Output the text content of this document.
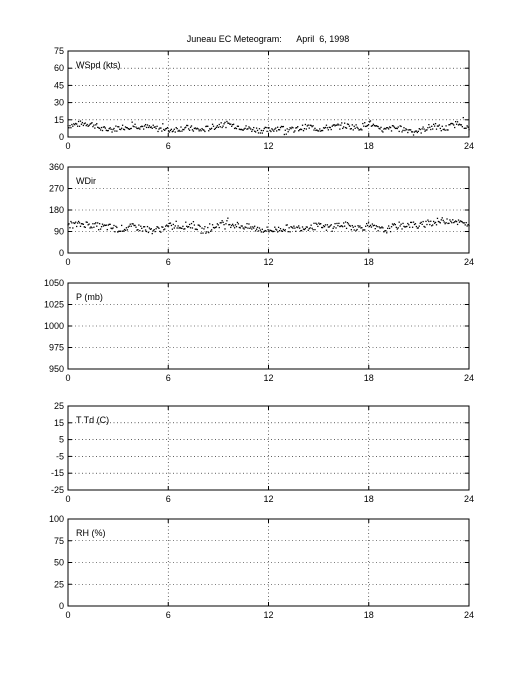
Juneau EC Meteogram:      April  6, 1998
75
60
45
30
15
0
0	6	12	18	24
WSpd (kts)
360
270
180
90
0
0	6	12	18	24
WDir
1050
1025
1000
975
950
0	6	12	18	24
P (mb)
25
15
5
-5
-15
-25
0	6	12	18	24
T Td (C)
100
75
50
25
0
0	6	12	18	24
RH (%)
